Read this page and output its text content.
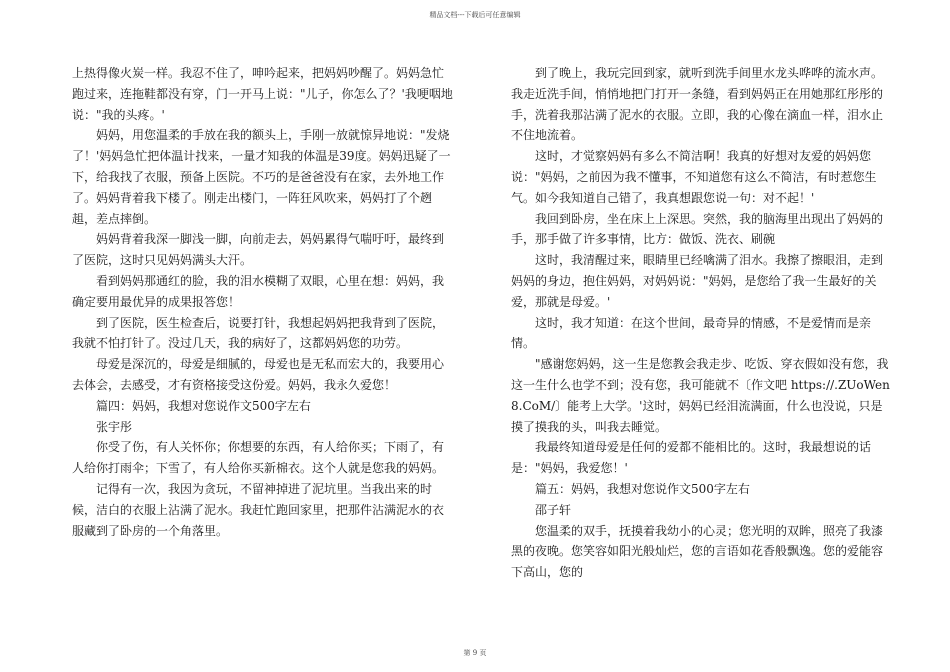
精品文档---下载后可任意编辑

上热得像火炭一样。我忍不住了，呻吟起来，把妈妈吵醒了。妈妈急忙跑过来，连拖鞋都没有穿，门一开马上说："儿子，你怎么了？'我哽咽地说："我的头疼。'

妈妈，用您温柔的手放在我的额头上，手刚一放就惊异地说："发烧了！'妈妈急忙把体温计找来，一量才知我的体温是39度。妈妈迅疑了一下，给我找了衣服，预备上医院。不巧的是爸爸没有在家，去外地工作了。妈妈背着我下楼了。刚走出楼门，一阵狂风吹来，妈妈打了个趔趄，差点摔倒。

妈妈背着我深一脚浅一脚，向前走去，妈妈累得气喘吁吁，最终到了医院，这时只见妈妈满头大汗。

看到妈妈那通红的脸，我的泪水模糊了双眼，心里在想：妈妈，我确定要用最优异的成果报答您！

到了医院，医生检查后，说要打针，我想起妈妈把我背到了医院，我就不怕打针了。没过几天，我的病好了，这都妈妈您的功劳。

母爱是深沉的，母爱是细腻的，母爱也是无私而宏大的，我要用心去体会，去感受，才有资格接受这份爱。妈妈，我永久爱您！

篇四：妈妈，我想对您说作文500字左右

张宇彤

你受了伤，有人关怀你；你想要的东西，有人给你买；下雨了，有人给你打雨伞；下雪了，有人给你买新棉衣。这个人就是您我的妈妈。

记得有一次，我因为贪玩，不留神掉进了泥坑里。当我出来的时候，洁白的衣服上沾满了泥水。我赶忙跑回家里，把那件沾满泥水的衣服藏到了卧房的一个角落里。

到了晚上，我玩完回到家，就听到洗手间里水龙头哗哗的流水声。我走近洗手间，悄悄地把门打开一条缝，看到妈妈正在用她那红彤彤的手，洗着我那沾满了泥水的衣服。立即，我的心像在滴血一样，泪水止不住地流着。

这时，才觉察妈妈有多么不简洁啊！我真的好想对友爱的妈妈您说："妈妈，之前因为我不懂事，不知道您有这么不简洁，有时惹您生气。如今我知道自己错了，我真想跟您说一句：对不起！'

我回到卧房，坐在床上上深思。突然，我的脑海里出现出了妈妈的手，那手做了许多事情，比方：做饭、洗衣、刷碗

这时，我清醒过来，眼睛里已经噙满了泪水。我擦了擦眼泪，走到妈妈的身边，抱住妈妈，对妈妈说："妈妈，是您给了我一生最好的关爱，那就是母爱。'

这时，我才知道：在这个世间，最奇异的情感，不是爱情而是亲情。

"感谢您妈妈，这一生是您教会我走步、吃饭、穿衣假如没有您，我这一生什么也学不到；没有您，我可能就不〔作文吧 https://.ZUoWen8.CoM/〕能考上大学。'这时，妈妈已经泪流满面，什么也没说，只是摸了摸我的头，叫我去睡觉。

我最终知道母爱是任何的爱都不能相比的。这时，我最想说的话是："妈妈，我爱您！'

篇五：妈妈，我想对您说作文500字左右

邵子轩

您温柔的双手，抚摸着我幼小的心灵；您光明的双眸，照亮了我漆黑的夜晚。您笑容如阳光般灿烂，您的言语如花香般飘逸。您的爱能容下高山，您的

第 9 页
